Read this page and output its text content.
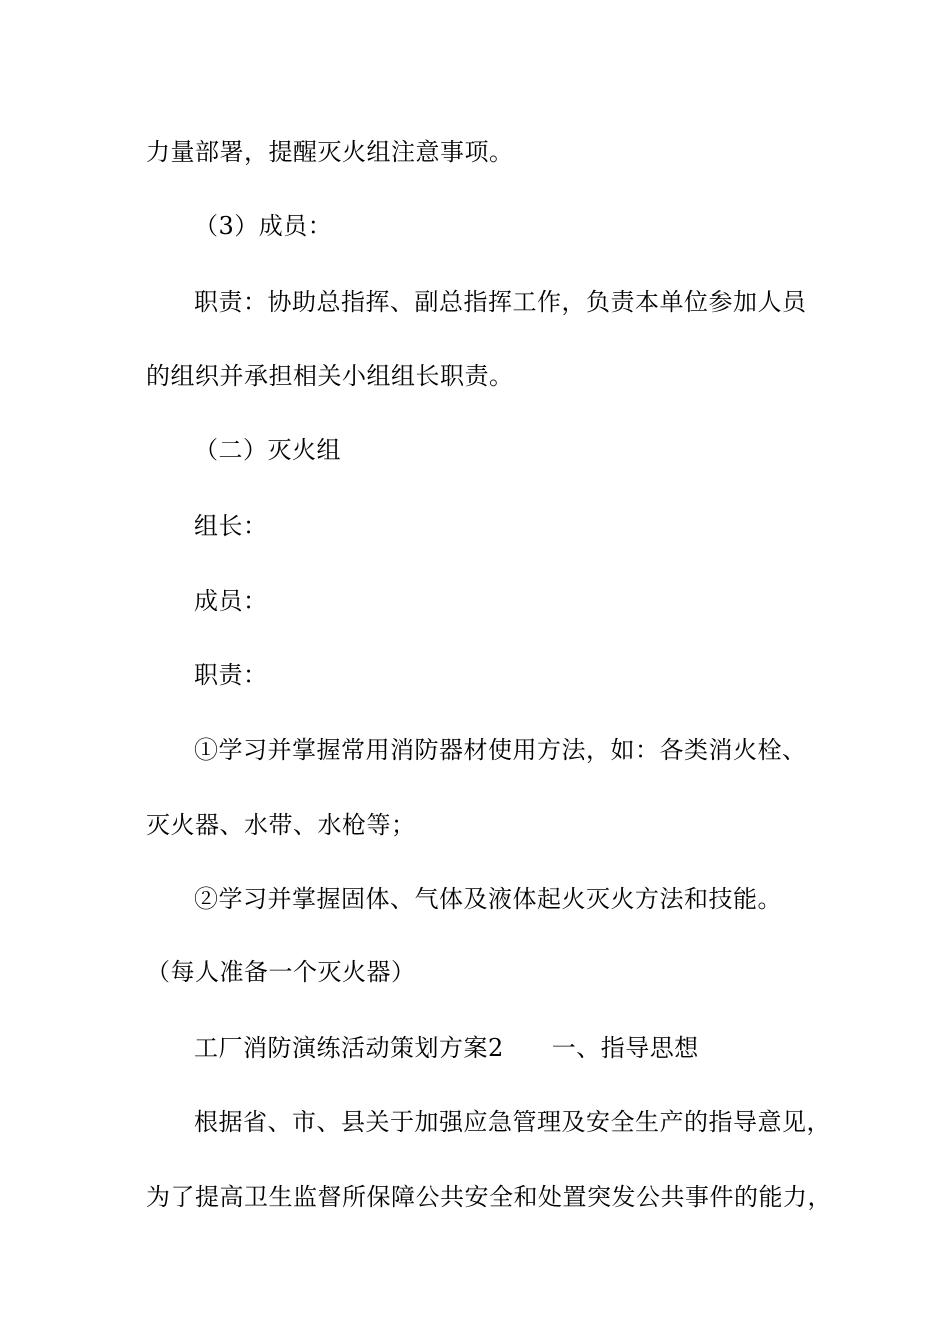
力量部署，提醒灭火组注意事项。
（3）成员：
职责：协助总指挥、副总指挥工作，负责本单位参加人员
的组织并承担相关小组组长职责。
（二）灭火组
组长：
成员：
职责：
①学习并掌握常用消防器材使用方法，如：各类消火栓、
灭火器、水带、水枪等；
②学习并掌握固体、气体及液体起火灭火方法和技能。
（每人准备一个灭火器）
工厂消防演练活动策划方案2 一、指导思想
根据省、市、县关于加强应急管理及安全生产的指导意见，
为了提高卫生监督所保障公共安全和处置突发公共事件的能力，
